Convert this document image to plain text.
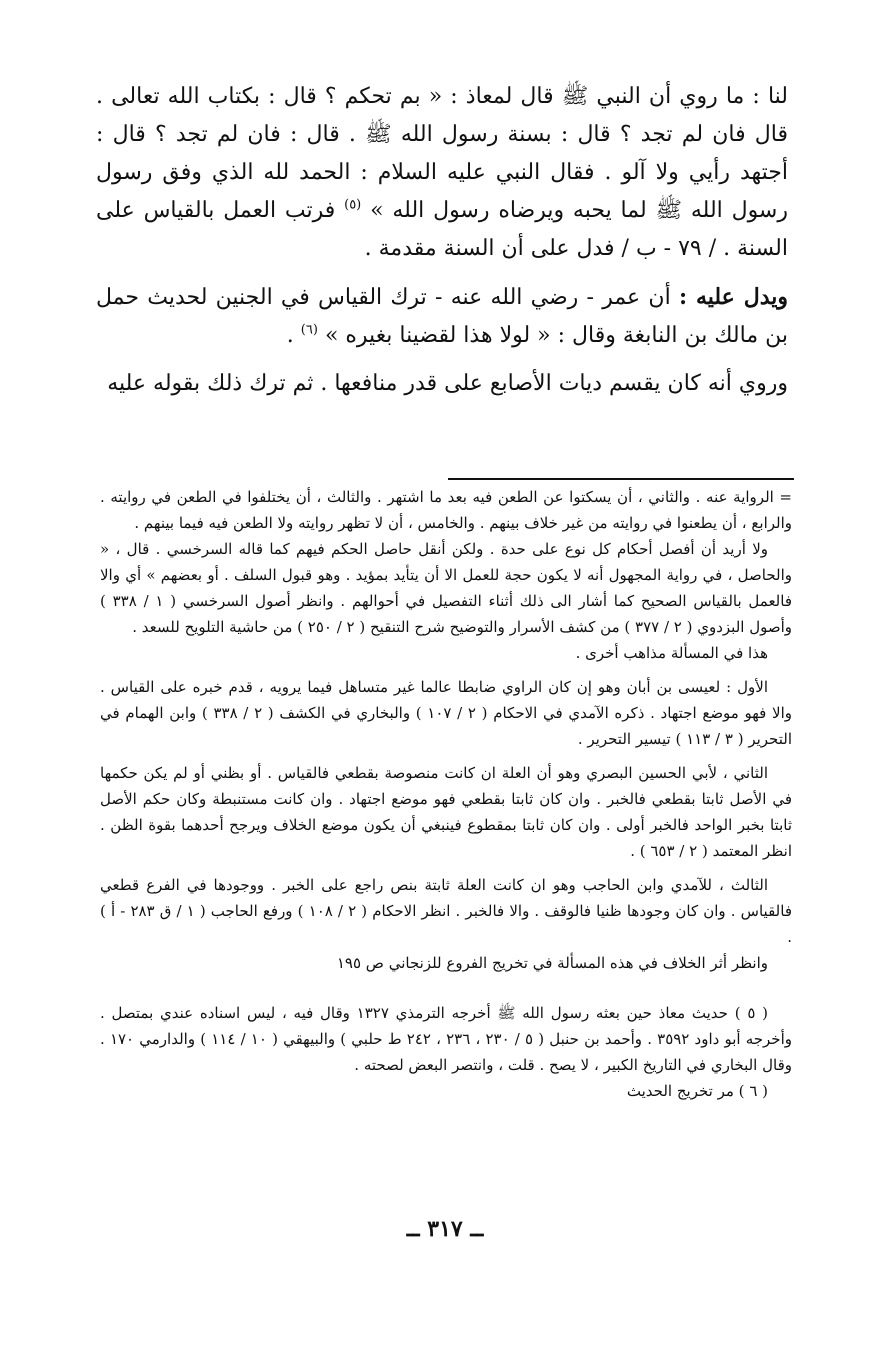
لنا : ما روي أن النبي ﷺ قال لمعاذ : « بم تحكم ؟ قال : بكتاب الله تعالى . قال فان لم تجد ؟ قال : بسنة رسول الله ﷺ . قال : فان لم تجد ؟ قال : أجتهد رأيي ولا آلو . فقال النبي عليه السلام : الحمد لله الذي وفق رسول رسول الله ﷺ لما يحبه ويرضاه رسول الله » $^{(٥)}$ فرتب العمل بالقياس على السنة . / ٧٩ - ب / فدل على أن السنة مقدمة .

ويدل عليه : أن عمر - رضي الله عنه - ترك القياس في الجنين لحديث حمل بن مالك بن النابغة وقال : « لولا هذا لقضينا بغيره » $^{(٦)}$ .

وروي أنه كان يقسم ديات الأصابع على قدر منافعها . ثم ترك ذلك بقوله عليه

= الرواية عنه . والثاني ، أن يسكتوا عن الطعن فيه بعد ما اشتهر . والثالث ، أن يختلفوا في الطعن في روايته . والرابع ، أن يطعنوا في روايته من غير خلاف بينهم . والخامس ، أن لا تظهر روايته ولا الطعن فيه فيما بينهم .

ولا أريد أن أفصل أحكام كل نوع على حدة . ولكن أنقل حاصل الحكم فيهم كما قاله السرخسي . قال ، « والحاصل ، في رواية المجهول أنه لا يكون حجة للعمل الا أن يتأيد بمؤيد . وهو قبول السلف . أو بعضهم » أي والا فالعمل بالقياس الصحيح كما أشار الى ذلك أثناء التفصيل في أحوالهم . وانظر أصول السرخسي ( ١ / ٣٣٨ ) وأصول البزدوي ( ٢ / ٣٧٧ ) من كشف الأسرار والتوضيح شرح التنقيح ( ٢ / ٢٥٠ ) من حاشية التلويح للسعد .

هذا في المسألة مذاهب أخرى .

الأول : لعيسى بن أبان وهو إن كان الراوي ضابطا عالما غير متساهل فيما يرويه ، قدم خبره على القياس . والا فهو موضع اجتهاد . ذكره الآمدي في الاحكام ( ٢ / ١٠٧ ) والبخاري في الكشف ( ٢ / ٣٣٨ ) وابن الهمام في التحرير ( ٣ / ١١٣ ) تيسير التحرير .

الثاني ، لأبي الحسين البصري وهو أن العلة ان كانت منصوصة بقطعي فالقياس . أو بظني أو لم يكن حكمها في الأصل ثابتا بقطعي فالخبر . وان كان ثابتا بقطعي فهو موضع اجتهاد . وان كانت مستنبطة وكان حكم الأصل ثابتا بخبر الواحد فالخبر أولى . وان كان ثابتا بمقطوع فينبغي أن يكون موضع الخلاف ويرجح أحدهما بقوة الظن . انظر المعتمد ( ٢ / ٦٥٣ ) .

الثالث ، للآمدي وابن الحاجب وهو ان كانت العلة ثابتة بنص راجع على الخبر . ووجودها في الفرع قطعي فالقياس . وان كان وجودها ظنيا فالوقف . والا فالخبر . انظر الاحكام ( ٢ / ١٠٨ ) ورفع الحاجب ( ١ / ق ٢٨٣ - أ ) .

وانظر أثر الخلاف في هذه المسألة في تخريج الفروع للزنجاني ص ١٩٥

( ٥ ) حديث معاذ حين بعثه رسول الله ﷺ أخرجه الترمذي ١٣٢٧ وقال فيه ، ليس اسناده عندي بمتصل . وأخرجه أبو داود ٣٥٩٢ . وأحمد بن حنبل ( ٥ / ٢٣٠ ، ٢٣٦ ، ٢٤٢ ط حلبي ) والبيهقي ( ١٠ / ١١٤ ) والدارمي ١٧٠ . وقال البخاري في التاريخ الكبير ، لا يصح . قلت ، وانتصر البعض لصحته .

( ٦ ) مر تخريج الحديث

ــ ٣١٧ ــ
